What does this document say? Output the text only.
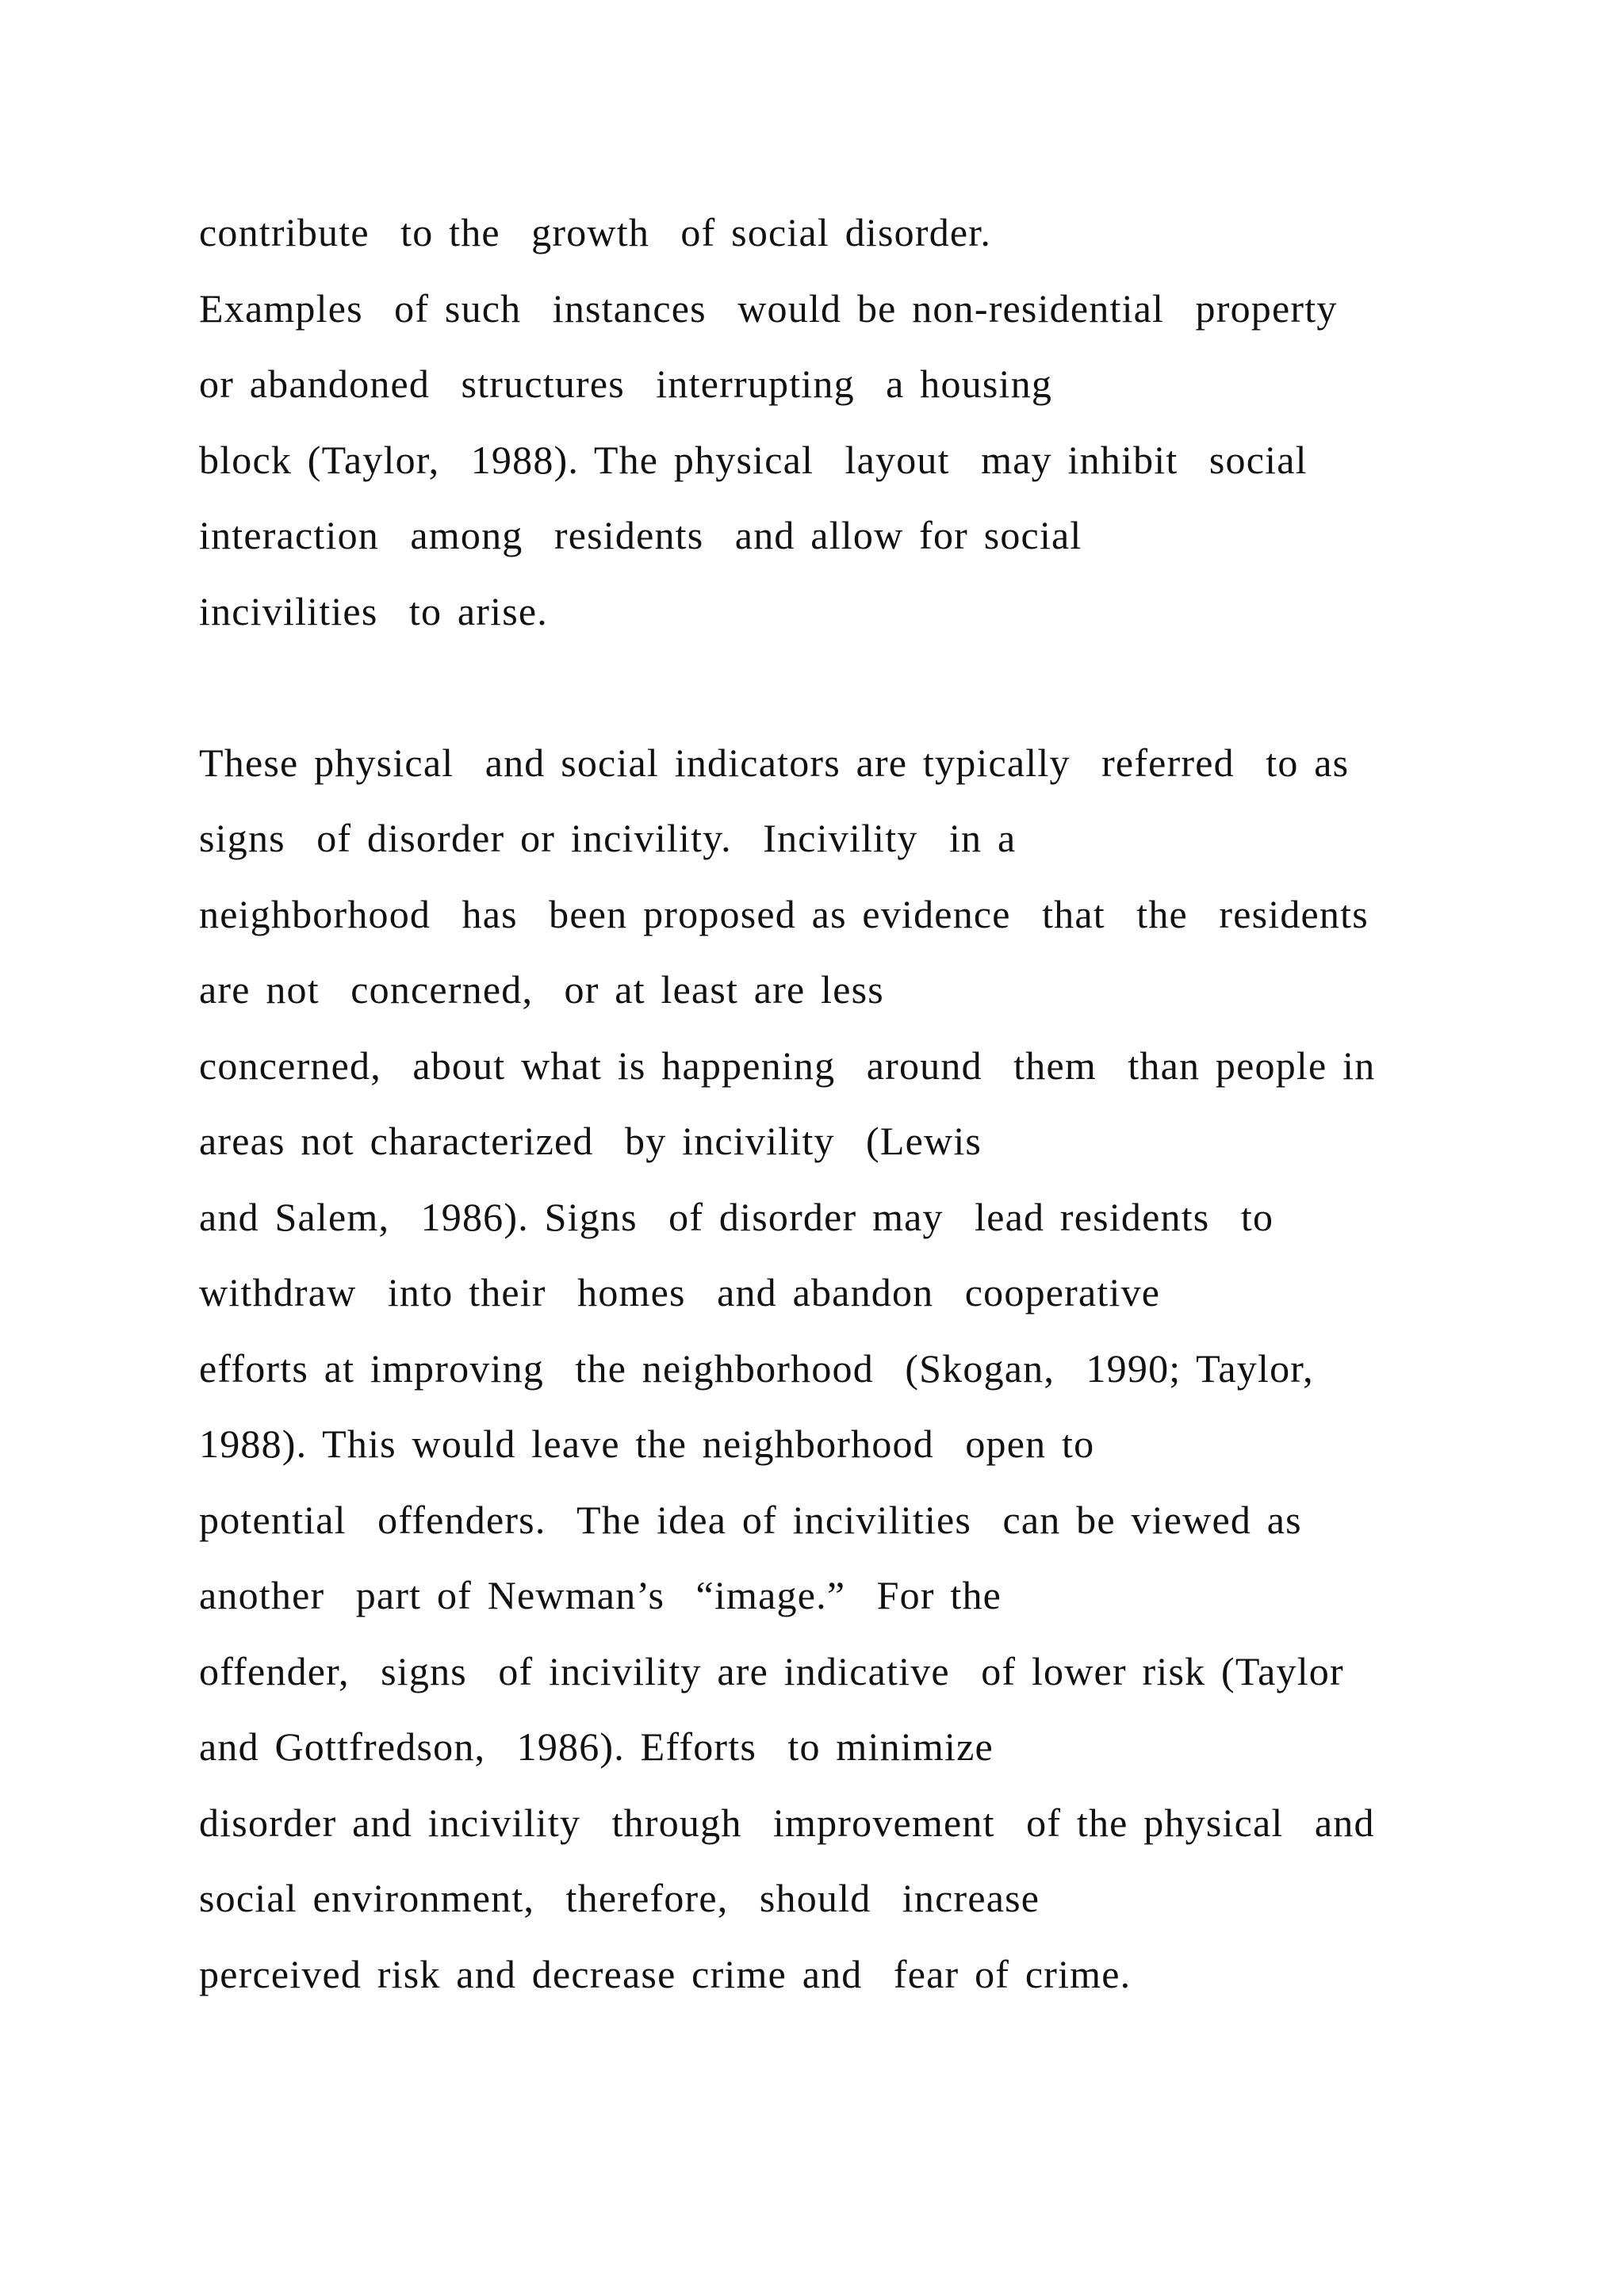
contribute  to the  growth  of social disorder.
Examples  of such  instances  would be non-residential  property
or abandoned  structures  interrupting  a housing
block (Taylor,  1988). The physical  layout  may inhibit  social
interaction  among  residents  and allow for social
incivilities  to arise.
These physical  and social indicators are typically  referred  to as
signs  of disorder or incivility.  Incivility  in a
neighborhood  has  been proposed as evidence  that  the  residents
are not  concerned,  or at least are less
concerned,  about what is happening  around  them  than people in
areas not characterized  by incivility  (Lewis
and Salem,  1986). Signs  of disorder may  lead residents  to
withdraw  into their  homes  and abandon  cooperative
efforts at improving  the neighborhood  (Skogan,  1990; Taylor,
1988). This would leave the neighborhood  open to
potential  offenders.  The idea of incivilities  can be viewed as
another  part of Newman’s  “image.”  For the
offender,  signs  of incivility are indicative  of lower risk (Taylor
and Gottfredson,  1986). Efforts  to minimize
disorder and incivility  through  improvement  of the physical  and
social environment,  therefore,  should  increase
perceived risk and decrease crime and  fear of crime.
